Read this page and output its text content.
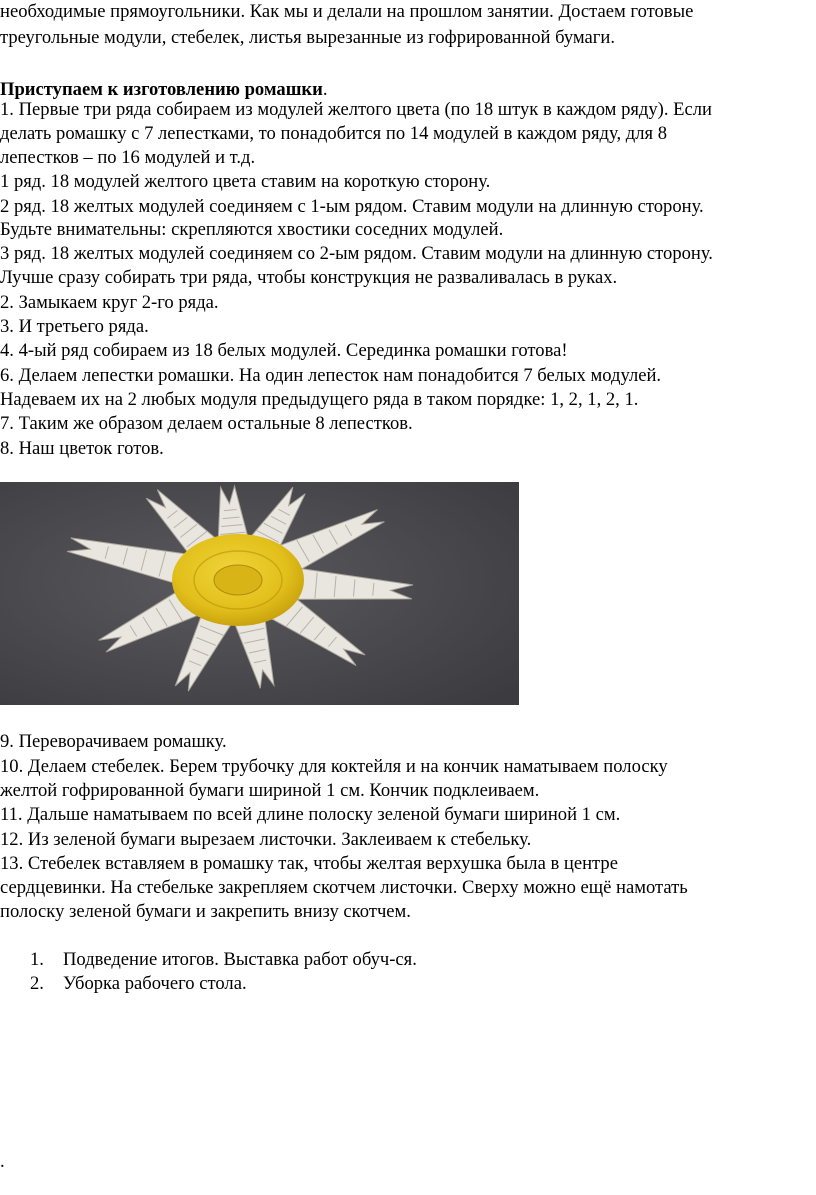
необходимые прямоугольники. Как мы и делали на прошлом занятии. Достаем готовые
треугольные модули, стебелек, листья вырезанные из гофрированной бумаги.
Приступаем к изготовлению ромашки.
1. Первые три ряда собираем из модулей желтого цвета (по 18 штук в каждом ряду). Если
делать ромашку с 7 лепестками, то понадобится по 14 модулей в каждом ряду, для 8
лепестков – по 16 модулей и т.д.
1 ряд. 18 модулей желтого цвета ставим на короткую сторону.
2 ряд. 18 желтых модулей соединяем с 1-ым рядом. Ставим модули на длинную сторону.
Будьте внимательны: скрепляются хвостики соседних модулей.
3 ряд. 18 желтых модулей соединяем со 2-ым рядом. Ставим модули на длинную сторону.
Лучше сразу собирать три ряда, чтобы конструкция не разваливалась в руках.
2. Замыкаем круг 2-го ряда.
3. И третьего ряда.
4. 4-ый ряд собираем из 18 белых модулей. Серединка ромашки готова!
6. Делаем лепестки ромашки. На один лепесток нам понадобится 7 белых модулей.
Надеваем их на 2 любых модуля предыдущего ряда в таком порядке: 1, 2, 1, 2, 1.
7. Таким же образом делаем остальные 8 лепестков.
8. Наш цветок готов.
9. Переворачиваем ромашку.
10. Делаем стебелек. Берем трубочку для коктейля и на кончик наматываем полоску
желтой гофрированной бумаги шириной 1 см. Кончик подклеиваем.
11. Дальше наматываем по всей длине полоску зеленой бумаги шириной 1 см.
12. Из зеленой бумаги вырезаем листочки. Заклеиваем к стебельку.
13. Стебелек вставляем в ромашку так, чтобы желтая верхушка была в центре
сердцевинки. На стебельке закрепляем скотчем листочки. Сверху можно ещё намотать
полоску зеленой бумаги и закрепить внизу скотчем.
1. Подведение итогов. Выставка работ обуч-ся.
2. Уборка рабочего стола.
.
